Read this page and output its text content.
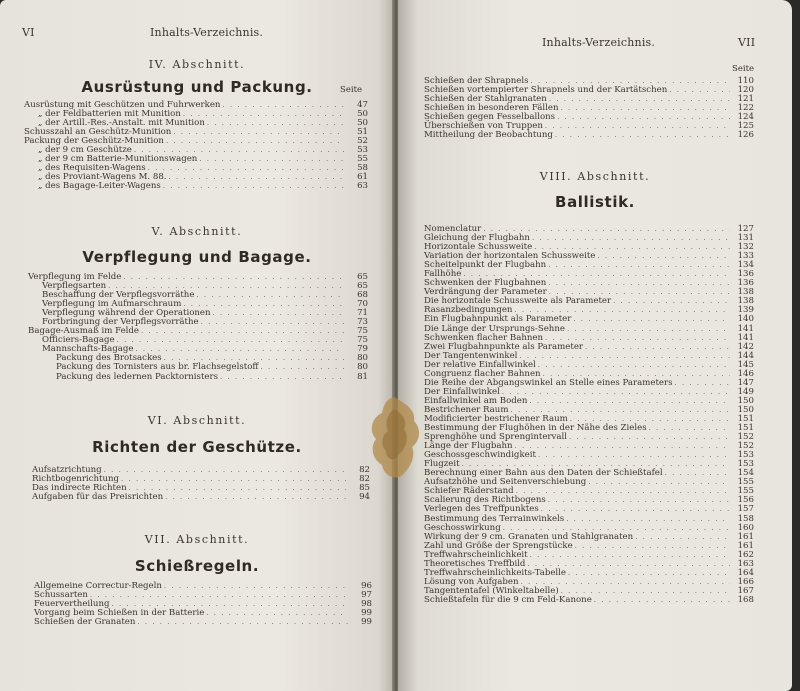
VI	Inhalts-Verzeichnis.
IV. Abschnitt.
Ausrüstung und Packung.	Seite
Ausrüstung mit Geschützen und Fuhrwerken . . .	47
„ der Feldbatterien mit Munition . . .	50
„ der Artill.-Res.-Anstalt. mit Munition . . .	50
Schusszahl an Geschütz-Munition . . .	51
Packung der Geschütz-Munition . . .	52
„ der 9 cm Geschütze . . .	53
„ der 9 cm Batterie-Munitionswagen . . .	55
„ des Requisiten-Wagens . . .	58
„ des Proviant-Wagens M. 88. . . .	61
„ des Bagage-Leiter-Wagens . . .	63
V. Abschnitt.
Verpflegung und Bagage.
Verpflegung im Felde . . .	65
Verpflegsarten . . .	65
Beschaffung der Verpflegsvorräthe . . .	68
Verpflegung im Aufmarschraum . . .	70
Verpflegung während der Operationen . . .	71
Fortbringung der Verpflegsvorräthe . . .	73
Bagage-Ausmaß im Felde . . .	75
Officiers-Bagage . . .	75
Mannschafts-Bagage . . .	79
Packung des Brotsackes . . .	80
Packung des Tornisters aus br. Flachsegelstoff . . .	80
Packung des ledernen Packtornisters . . .	81
VI. Abschnitt.
Richten der Geschütze.
Aufsatzrichtung . . .	82
Richtbogenrichtung . . .	82
Das indirecte Richten . . .	85
Aufgaben für das Preisrichten . . .	94
VII. Abschnitt.
Schießregeln.
Allgemeine Correctur-Regeln . . .	96
Schussarten . . .	97
Feuervertheilung . . .	98
Vorgang beim Schießen in der Batterie . . .	99
Schießen der Granaten . . .	99
Inhalts-Verzeichnis.	VII
Seite
Schießen der Shrapnels . . .	110
Schießen vortempierter Shrapnels und der Kartätschen . . .	120
Schießen der Stahlgranaten . . .	121
Schießen in besonderen Fällen . . .	122
Schießen gegen Fesselballons . . .	124
Überschießen von Truppen . . .	125
Mittheilung der Beobachtung . . .	126
VIII. Abschnitt.
Ballistik.
Nomenclatur . . .	127
Gleichung der Flugbahn . . .	131
Horizontale Schussweite . . .	132
Variation der horizontalen Schussweite . . .	133
Scheitelpunkt der Flugbahn . . .	134
Fallhöhe . . .	136
Schwenken der Flugbahnen . . .	136
Verdrängung der Parameter . . .	138
Die horizontale Schussweite als Parameter . . .	138
Rasanzbedingungen . . .	139
Ein Flugbahnpunkt als Parameter . . .	140
Die Länge der Ursprungs-Sehne . . .	141
Schwenken flacher Bahnen . . .	141
Zwei Flugbahnpunkte als Parameter . . .	142
Der Tangentenwinkel . . .	144
Der relative Einfallwinkel . . .	145
Congruenz flacher Bahnen . . .	146
Die Reihe der Abgangswinkel an Stelle eines Parameters . . .	147
Der Einfallwinkel . . .	149
Einfallwinkel am Boden . . .	150
Bestrichener Raum . . .	150
Modificierter bestrichener Raum . . .	151
Bestimmung der Flughöhen in der Nähe des Zieles . . .	151
Sprenghöhe und Sprengintervall . . .	152
Länge der Flugbahn . . .	152
Geschossgeschwindigkeit . . .	153
Flugzeit . . .	153
Berechnung einer Bahn aus den Daten der Schießtafel . . .	154
Aufsatzhöhe und Seitenverschiebung . . .	155
Schiefer Räderstand . . .	155
Scalierung des Richtbogens . . .	156
Verlegen des Treffpunktes . . .	157
Bestimmung des Terrainwinkels . . .	158
Geschosswirkung . . .	160
Wirkung der 9 cm. Granaten und Stahlgranaten . . .	161
Zahl und Größe der Sprengstücke . . .	161
Treffwahrscheinlichkeit . . .	162
Theoretisches Treffbild . . .	163
Treffwahrscheinlichkeits-Tabelle . . .	164
Lösung von Aufgaben . . .	166
Tangententafel (Winkeltabelle) . . .	167
Schießtafeln für die 9 cm Feld-Kanone . . .	168
